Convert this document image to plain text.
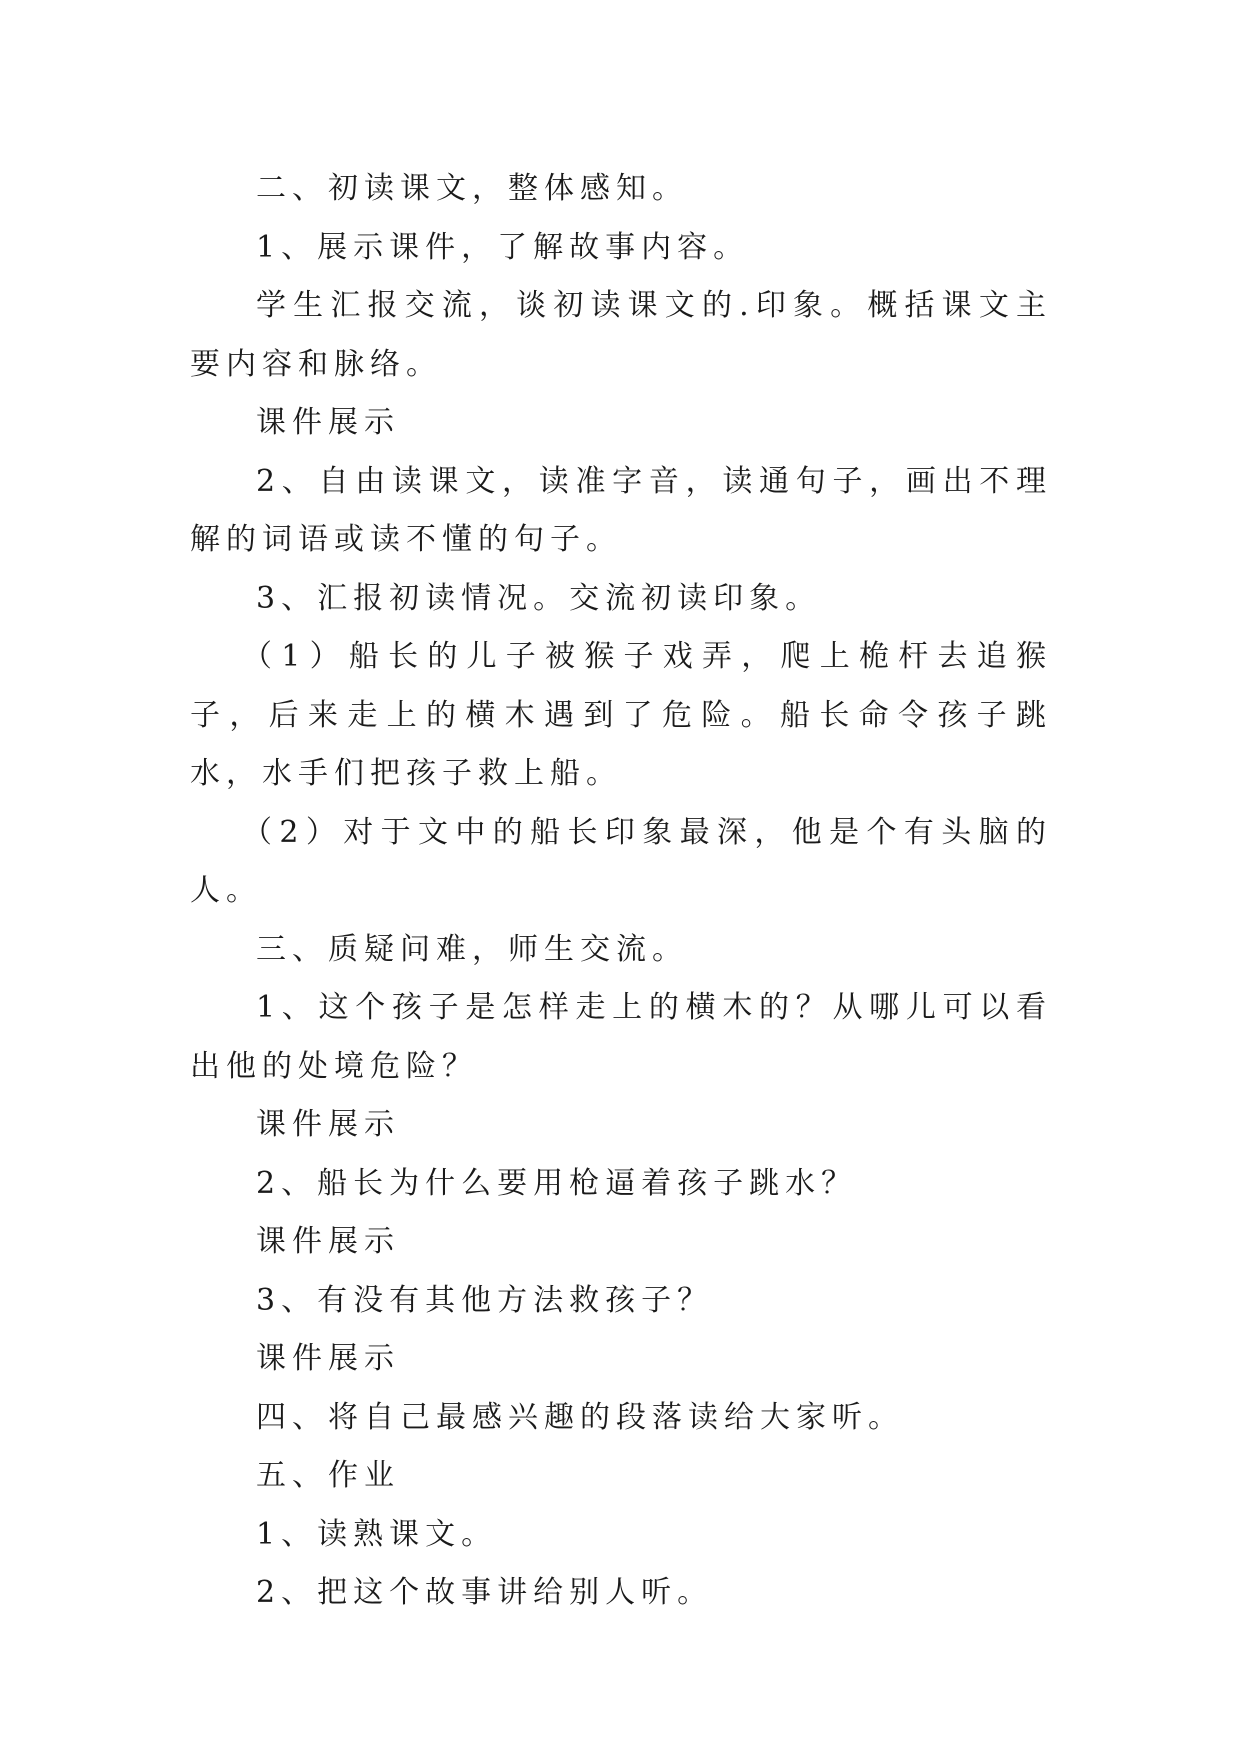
二、初读课文，整体感知。

1、展示课件，了解故事内容。

学生汇报交流，谈初读课文的.印象。概括课文主要内容和脉络。

课件展示

2、自由读课文，读准字音，读通句子，画出不理解的词语或读不懂的句子。

3、汇报初读情况。交流初读印象。

（1）船长的儿子被猴子戏弄，爬上桅杆去追猴子，后来走上的横木遇到了危险。船长命令孩子跳水，水手们把孩子救上船。

（2）对于文中的船长印象最深，他是个有头脑的人。

三、质疑问难，师生交流。

1、这个孩子是怎样走上的横木的？从哪儿可以看出他的处境危险？

课件展示

2、船长为什么要用枪逼着孩子跳水？

课件展示

3、有没有其他方法救孩子？

课件展示

四、将自己最感兴趣的段落读给大家听。

五、作业

1、读熟课文。

2、把这个故事讲给别人听。
